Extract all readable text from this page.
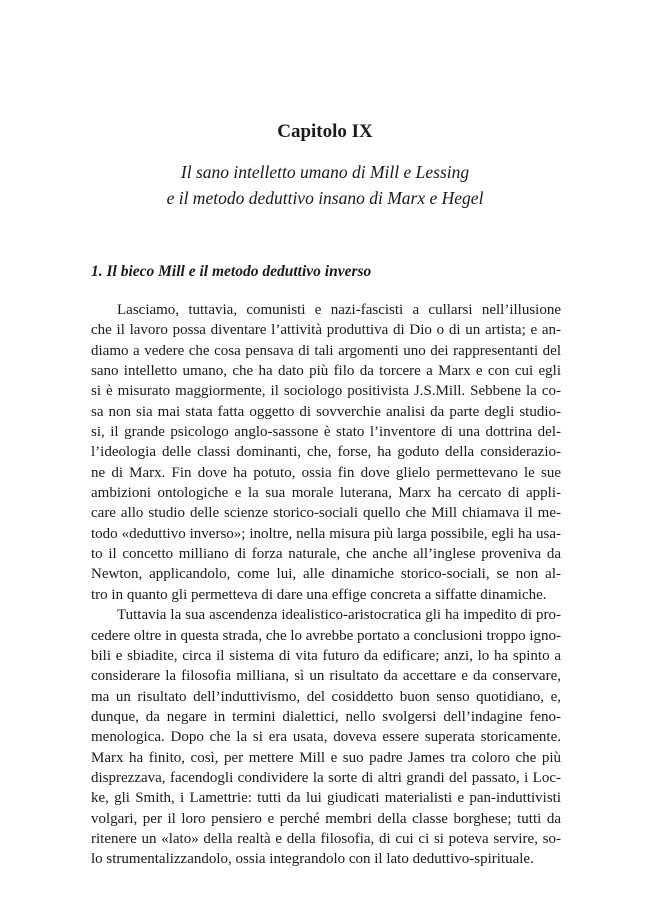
Capitolo IX
Il sano intelletto umano di Mill e Lessing
e il metodo deduttivo insano di Marx e Hegel
1. Il bieco Mill e il metodo deduttivo inverso

Lasciamo, tuttavia, comunisti e nazi-fascisti a cullarsi nell’illusione
che il lavoro possa diventare l’attività produttiva di Dio o di un artista; e an-
diamo a vedere che cosa pensava di tali argomenti uno dei rappresentanti del
sano intelletto umano, che ha dato più filo da torcere a Marx e con cui egli
si è misurato maggiormente, il sociologo positivista J.S.Mill. Sebbene la co-
sa non sia mai stata fatta oggetto di sovverchie analisi da parte degli studio-
si, il grande psicologo anglo-sassone è stato l’inventore di una dottrina del-
l’ideologia delle classi dominanti, che, forse, ha goduto della considerazio-
ne di Marx. Fin dove ha potuto, ossia fin dove glielo permettevano le sue
ambizioni ontologiche e la sua morale luterana, Marx ha cercato di appli-
care allo studio delle scienze storico-sociali quello che Mill chiamava il me-
todo «deduttivo inverso»; inoltre, nella misura più larga possibile, egli ha usa-
to il concetto milliano di forza naturale, che anche all’inglese proveniva da
Newton, applicandolo, come lui, alle dinamiche storico-sociali, se non al-
tro in quanto gli permetteva di dare una effige concreta a siffatte dinamiche.

Tuttavia la sua ascendenza idealistico-aristocratica gli ha impedito di pro-
cedere oltre in questa strada, che lo avrebbe portato a conclusioni troppo igno-
bili e sbiadite, circa il sistema di vita futuro da edificare; anzi, lo ha spinto a
considerare la filosofia milliana, sì un risultato da accettare e da conservare,
ma un risultato dell’induttivismo, del cosiddetto buon senso quotidiano, e,
dunque, da negare in termini dialettici, nello svolgersi dell’indagine feno-
menologica. Dopo che la si era usata, doveva essere superata storicamente.
Marx ha finito, così, per mettere Mill e suo padre James tra coloro che più
disprezzava, facendogli condividere la sorte di altri grandi del passato, i Loc-
ke, gli Smith, i Lamettrie: tutti da lui giudicati materialisti e pan-induttivisti
volgari, per il loro pensiero e perché membri della classe borghese; tutti da
ritenere un «lato» della realtà e della filosofia, di cui ci si poteva servire, so-
lo strumentalizzandolo, ossia integrandolo con il lato deduttivo-spirituale.
